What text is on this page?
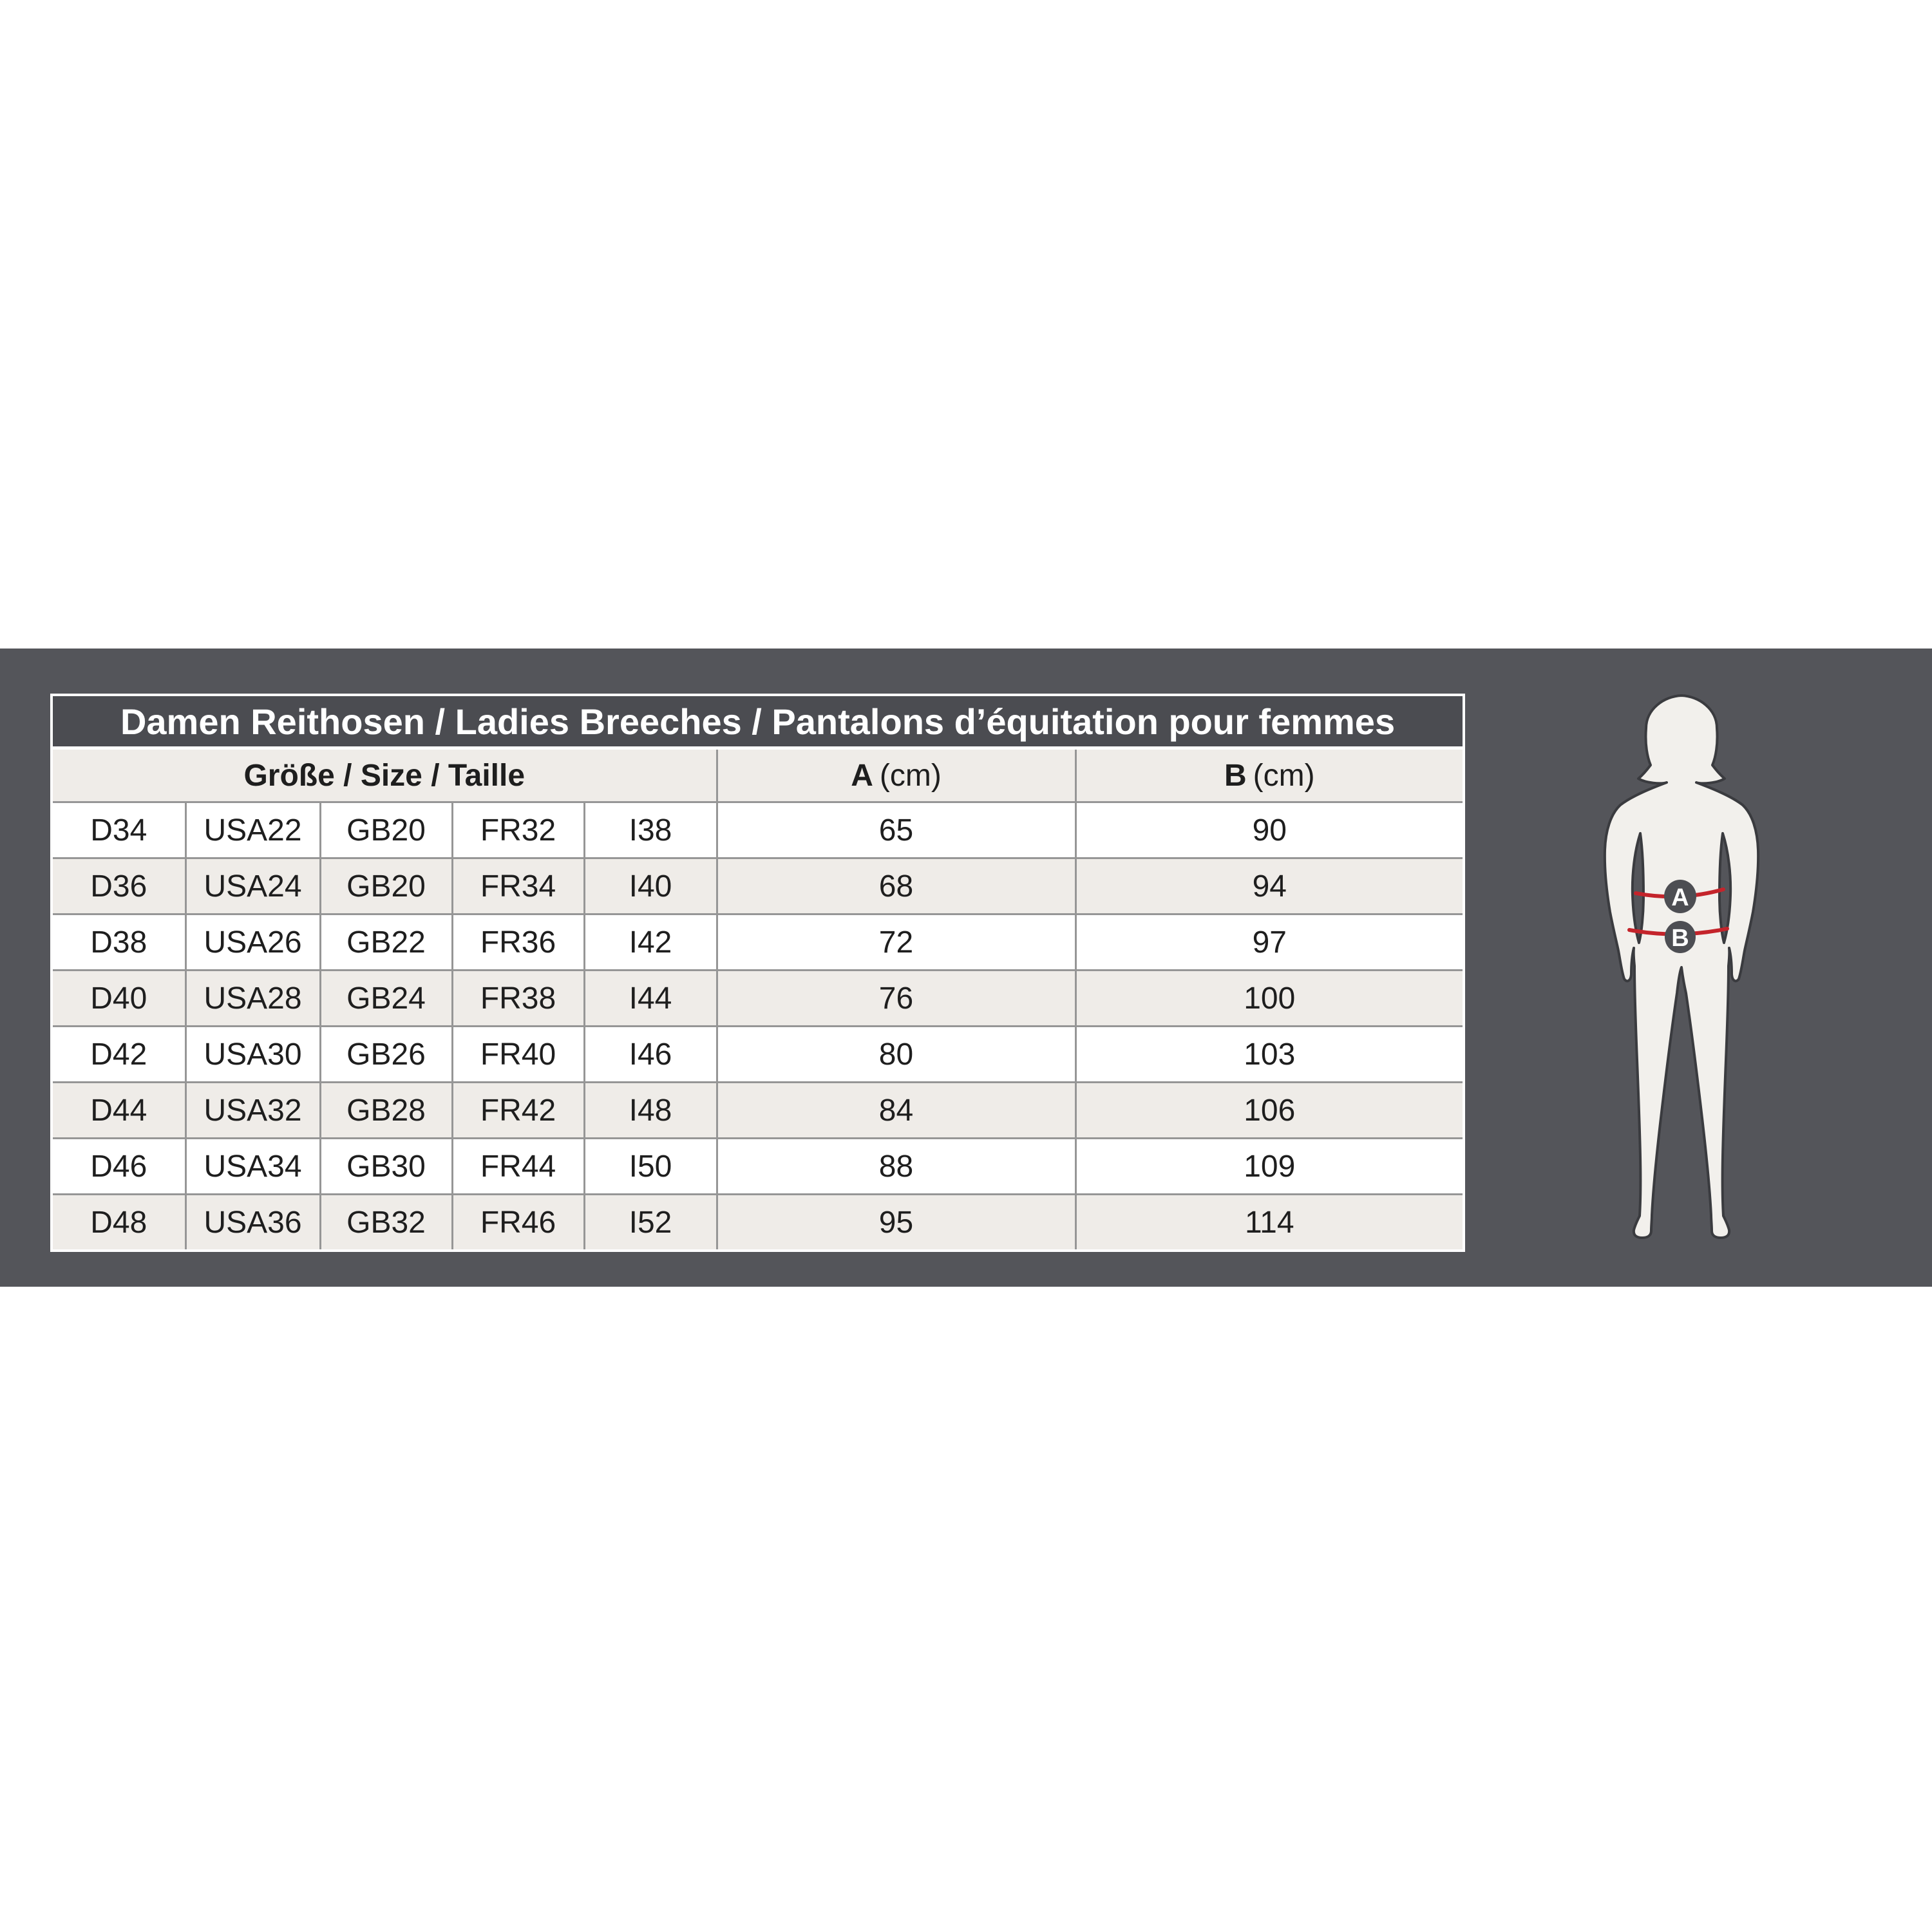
Damen Reithosen / Ladies Breeches / Pantalons d’équitation pour femmes						
Größe / Size / Taille					A (cm)	B (cm)
D34	USA22	GB20	FR32	I38	65	90
D36	USA24	GB20	FR34	I40	68	94
D38	USA26	GB22	FR36	I42	72	97
D40	USA28	GB24	FR38	I44	76	100
D42	USA30	GB26	FR40	I46	80	103
D44	USA32	GB28	FR42	I48	84	106
D46	USA34	GB30	FR44	I50	88	109
D48	USA36	GB32	FR46	I52	95	114
A
B
